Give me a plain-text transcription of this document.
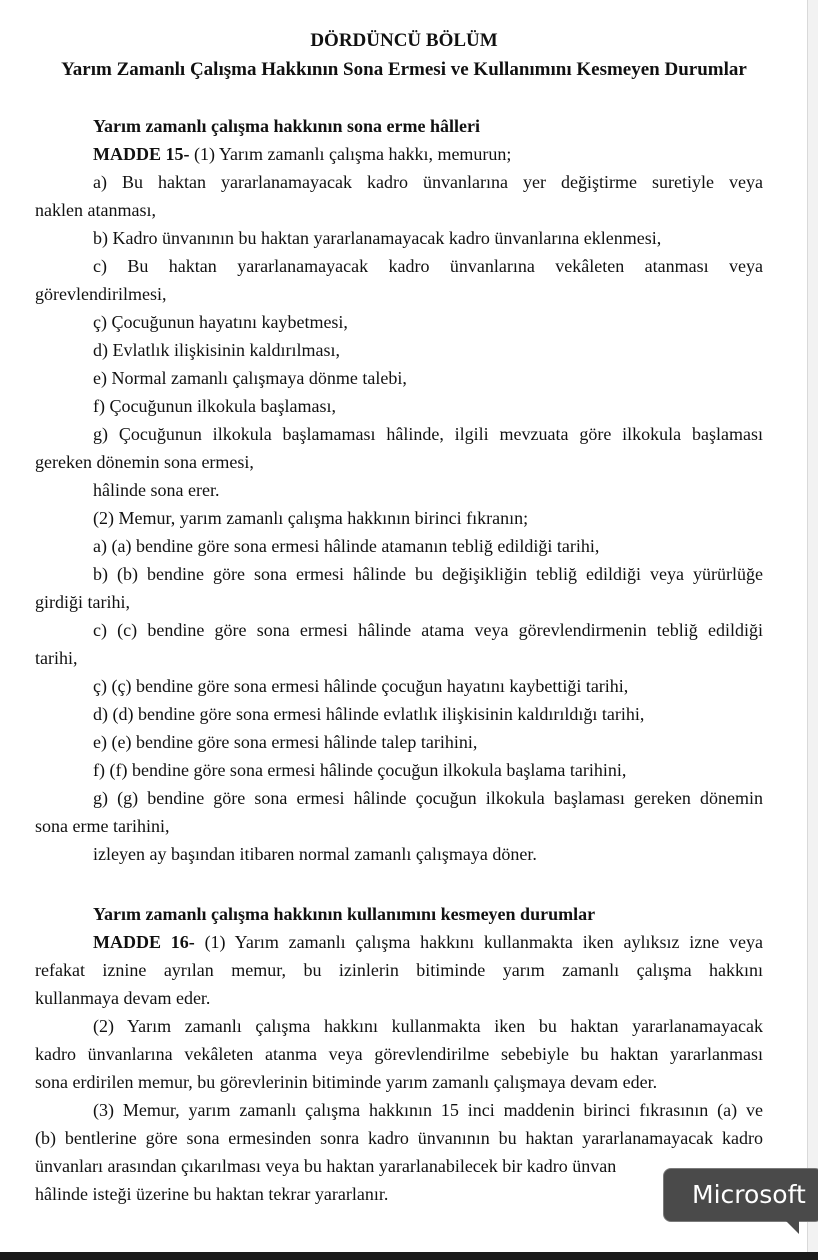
DÖRDÜNCÜ BÖLÜM
Yarım Zamanlı Çalışma Hakkının Sona Ermesi ve Kullanımını Kesmeyen Durumlar
Yarım zamanlı çalışma hakkının sona erme hâlleri
MADDE 15- (1) Yarım zamanlı çalışma hakkı, memurun;
a) Bu haktan yararlanamayacak kadro ünvanlarına yer değiştirme suretiyle veya
naklen atanması,
b) Kadro ünvanının bu haktan yararlanamayacak kadro ünvanlarına eklenmesi,
c) Bu haktan yararlanamayacak kadro ünvanlarına vekâleten atanması veya
görevlendirilmesi,
ç) Çocuğunun hayatını kaybetmesi,
d) Evlatlık ilişkisinin kaldırılması,
e) Normal zamanlı çalışmaya dönme talebi,
f) Çocuğunun ilkokula başlaması,
g) Çocuğunun ilkokula başlamaması hâlinde, ilgili mevzuata göre ilkokula başlaması
gereken dönemin sona ermesi,
hâlinde sona erer.
(2) Memur, yarım zamanlı çalışma hakkının birinci fıkranın;
a) (a) bendine göre sona ermesi hâlinde atamanın tebliğ edildiği tarihi,
b) (b) bendine göre sona ermesi hâlinde bu değişikliğin tebliğ edildiği veya yürürlüğe
girdiği tarihi,
c) (c) bendine göre sona ermesi hâlinde atama veya görevlendirmenin tebliğ edildiği
tarihi,
ç) (ç) bendine göre sona ermesi hâlinde çocuğun hayatını kaybettiği tarihi,
d) (d) bendine göre sona ermesi hâlinde evlatlık ilişkisinin kaldırıldığı tarihi,
e) (e) bendine göre sona ermesi hâlinde talep tarihini,
f) (f) bendine göre sona ermesi hâlinde çocuğun ilkokula başlama tarihini,
g) (g) bendine göre sona ermesi hâlinde çocuğun ilkokula başlaması gereken dönemin
sona erme tarihini,
izleyen ay başından itibaren normal zamanlı çalışmaya döner.
Yarım zamanlı çalışma hakkının kullanımını kesmeyen durumlar
MADDE 16- (1) Yarım zamanlı çalışma hakkını kullanmakta iken aylıksız izne veya
refakat iznine ayrılan memur, bu izinlerin bitiminde yarım zamanlı çalışma hakkını
kullanmaya devam eder.
(2) Yarım zamanlı çalışma hakkını kullanmakta iken bu haktan yararlanamayacak
kadro ünvanlarına vekâleten atanma veya görevlendirilme sebebiyle bu haktan yararlanması
sona erdirilen memur, bu görevlerinin bitiminde yarım zamanlı çalışmaya devam eder.
(3) Memur, yarım zamanlı çalışma hakkının 15 inci maddenin birinci fıkrasının (a) ve
(b) bentlerine göre sona ermesinden sonra kadro ünvanının bu haktan yararlanamayacak kadro
ünvanları arasından çıkarılması veya bu haktan yararlanabilecek bir kadro ünvan
hâlinde isteği üzerine bu haktan tekrar yararlanır.	Microsoft
